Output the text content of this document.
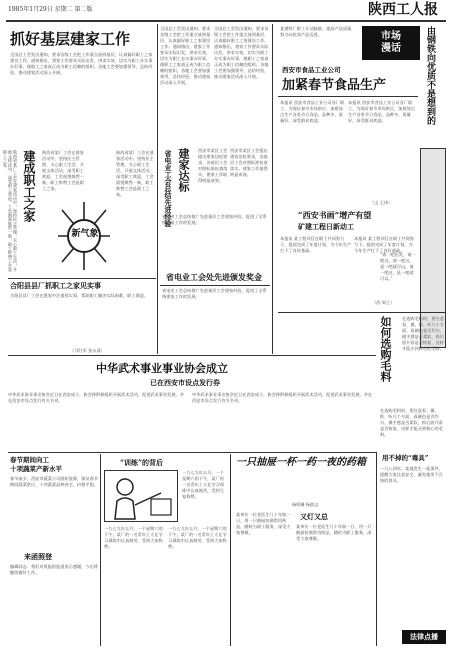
1985年1月29日 星期二 第二版	陕西工人报
抓好基层建家工作
全国总工会发出通知，要求各级工会把工作重点放到基层，认真搞好职工之家建设工作。通知指出，建家工作要从实际出发，讲求实效，切实为职工办实事办好事，使职工之家真正成为职工信赖的组织。各地工会要加强领导，总结经验，推动建家活动深入开展。
全国总工会发出通知，要求各级工会把工作重点放到基层，认真搞好职工之家建设工作。通知指出，建家工作要从实际出发，讲求实效，切实为职工办实事办好事，使职工之家真正成为职工信赖的组织。各地工会要加强领导，总结经验，推动建家活动深入开展。
全国总工会发出通知，要求各级工会把工作重点放到基层，认真搞好职工之家建设工作。通知指出，建家工作要从实际出发，讲求实效，切实为职工办实事办好事，使职工之家真正成为职工信赖的组织。各地工会要加强领导，总结经验，推动建家活动深入开展。
陕西省某厂工会在建家活动中，坚持民主管理，关心职工生活，开展文体活动，深受职工欢迎，工会面貌焕然一新，职工称赞工会是职工之家。	建成职工之家 陕西省某厂工会在建家活动中，坚持民主管理，关心职工生活，开展文体活动，深受职工欢迎，工会面貌焕然一新，职工称赞工会是职工之家。
新气象
陕西省某厂工会在建家活动中，坚持民主管理，关心职工生活，开展文体活动，深受职工欢迎，工会面貌焕然一新，职工称赞工会是职工之家。
合阳县县厂抓职工之家见实事
合阳县县厂工会在建家中注重抓实事，帮助职工解决实际困难，职工满意。
（马红军 张永清）
省电业工会总结先进经验
省电业工会总结推广先进基层工会建家经验，促进了全系统建家工作的发展。
建家达标 西安市某区工会提出建家达标要求，各基层工会对照标准检查落实，建家工作取得明显成效。
西安市某区工会提出建家达标要求，各基层工会对照标准检查落实，建家工作取得明显成效。
省电业工会处先进颁发奖金
省电业工会总结推广先进基层工会建家经验，促进了全系统建家工作的发展。
市场
漫话	由钢铁向优质不是想到的
某钢铁厂职工开动脑筋，提高产品质量，努力向优质产品迈进。
西安市食品工业公司
加紧春节食品生产
本报讯 西安市食品工业公司各厂职工，为保证春节市场供应，加班加点生产各类节日食品，品种多，质量好，深受群众欢迎。
本报讯 西安市食品工业公司各厂职工，为保证春节市场供应，加班加点生产各类节日食品，品种多，质量好，深受群众欢迎。
（文 王伟）
“西安书画”增产有望
矿建工程日新动工
本报讯 某工程项目在职工共同努力下，提前完成了年度计划，为今年生产打下了良好基础。
本报讯 某工程项目在职工共同努力下，提前完成了年度计划，为今年生产打下了良好基础。
（西 周王）
“请一吧出发，请一吧这，请一吧这，是一吧就可以，请一吧这，是一吧就可以。”
如何选购毛料 在选购毛料时，要注意看、摸、抓、听几个方面，看颜色是否均匀，摸手感是否柔软，抓后放开看是否恢复，这样才能买到称心的毛料。
在选购毛料时，要注意看、摸、抓、听几个方面，看颜色是否均匀，摸手感是否柔软，抓后放开看是否恢复，这样才能买到称心的毛料。
中华武术事业事业协会成立
已在西安市设点发行券
中华武术事业事业协会近日在西安成立，协会将积极组织开展武术活动，促进武术事业发展，并在西安市设点发行有关书刊。
中华武术事业事业协会近日在西安成立，协会将积极组织开展武术活动，促进武术事业发展，并在西安市设点发行有关书刊。
春节期间向工
十项蔬菜产新水平
春节前夕，西安市蔬菜公司组织货源，保证春节期间蔬菜供应，十项蔬菜品种齐全，价格平稳。
来函照登
编辑同志：我们对贵报的报道表示感谢，今后将继续做好工作。
“训练”的背后
一九七九年五月，一个星期六的下午，某厂的一名青年工人在学习训练中认真刻苦，受到大家称赞。
一九七九年五月，一个星期六的下午，某厂的一名青年工人在学习训练中认真刻苦，受到大家称赞。
一九七九年五月，一个星期六的下午，某厂的一名青年工人在学习训练中认真刻苦，受到大家称赞。
一只抽屉一杯一药一夜的药箱
杨明珊 杨波志
又灯又总
某单位一位老医生几十年如一日，用一只抽屉装满常用药品，随时为职工服务，深受大家尊敬。
某单位一位老医生几十年如一日，用一只抽屉装满常用药品，随时为职工服务，深受大家尊敬。
用不掉的“毒具”
一九八四年，某地发生一起事件，提醒大家注意安全，避免使用不合格的用具。
法律点播
